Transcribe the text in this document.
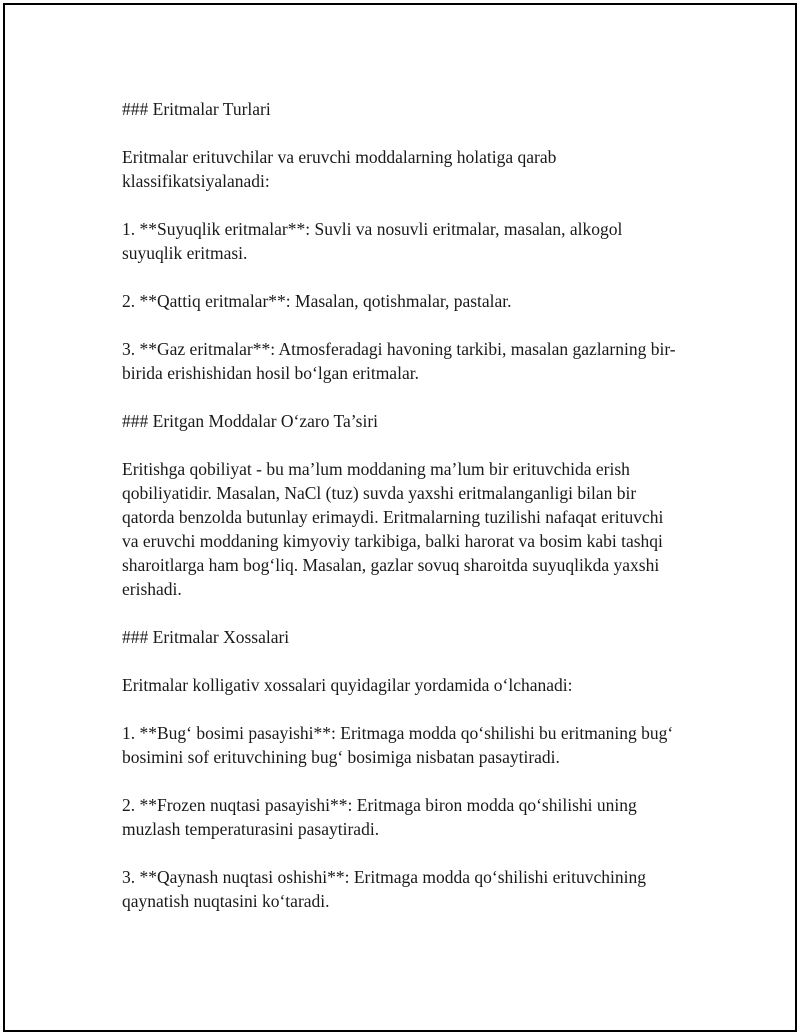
### Eritmalar Turlari

Eritmalar erituvchilar va eruvchi moddalarning holatiga qarab klassifikatsiyalanadi:

1. **Suyuqlik eritmalar**: Suvli va nosuvli eritmalar, masalan, alkogol suyuqlik eritmasi.

2. **Qattiq eritmalar**: Masalan, qotishmalar, pastalar.

3. **Gaz eritmalar**: Atmosferadagi havoning tarkibi, masalan gazlarning bir-birida erishishidan hosil bo‘lgan eritmalar.

### Eritgan Moddalar O‘zaro Ta’siri

Eritishga qobiliyat - bu ma’lum moddaning ma’lum bir erituvchida erish qobiliyatidir. Masalan, NaCl (tuz) suvda yaxshi eritmalanganligi bilan bir qatorda benzolda butunlay erimaydi. Eritmalarning tuzilishi nafaqat erituvchi va eruvchi moddaning kimyoviy tarkibiga, balki harorat va bosim kabi tashqi sharoitlarga ham bog‘liq. Masalan, gazlar sovuq sharoitda suyuqlikda yaxshi erishadi.

### Eritmalar Xossalari

Eritmalar kolligativ xossalari quyidagilar yordamida o‘lchanadi:

1. **Bug‘ bosimi pasayishi**: Eritmaga modda qo‘shilishi bu eritmaning bug‘ bosimini sof erituvchining bug‘ bosimiga nisbatan pasaytiradi.

2. **Frozen nuqtasi pasayishi**: Eritmaga biron modda qo‘shilishi uning muzlash temperaturasini pasaytiradi.

3. **Qaynash nuqtasi oshishi**: Eritmaga modda qo‘shilishi erituvchining qaynatish nuqtasini ko‘taradi.
